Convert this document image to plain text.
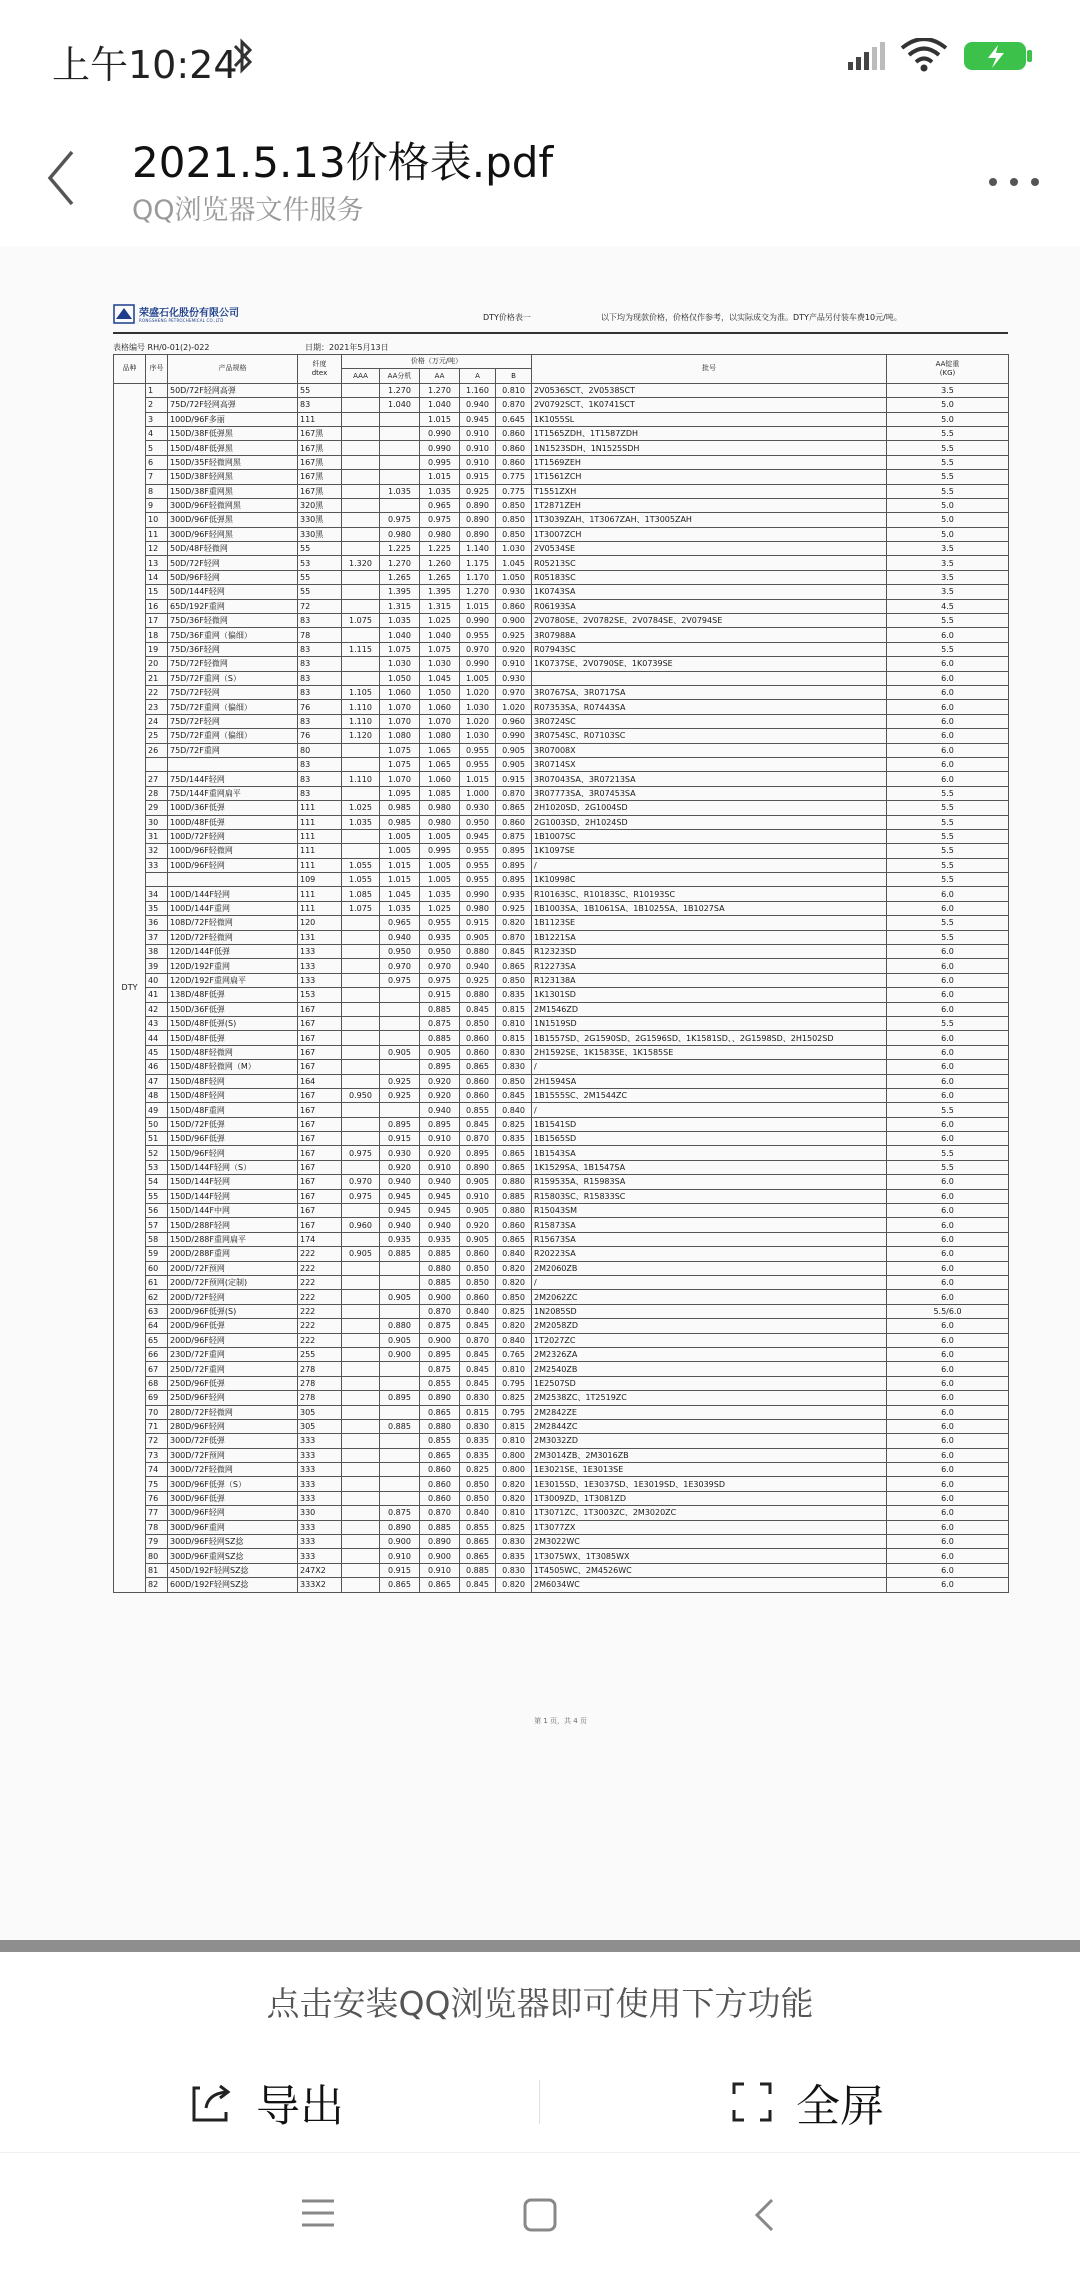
上午10:24
2021.5.13价格表.pdf
QQ浏览器文件服务
荣盛石化股份有限公司
RONGSHENG PETROCHEMICAL CO.,LTD	DTY价格表一	以下均为现款价格，价格仅作参考，以实际成交为准。DTY产品另付装车费10元/吨。
表格编号 RH/0-01(2)-022	日期：2021年5月13日
品种	序号	产品规格	纤度
dtex	价格（万元/吨）					批号	AA锭重
(KG)
				AAA	AA分机	AA	A	B		
DTY	1	50D/72F轻网高弹	55		1.270	1.270	1.160	0.810	2V0536SCT、2V0538SCT	3.5
	2	75D/72F轻网高弹	83		1.040	1.040	0.940	0.870	2V0792SCT、1K0741SCT	5.0
	3	100D/96F多丽	111			1.015	0.945	0.645	1K1055SL	5.0
	4	150D/38F低弹黑	167黑			0.990	0.910	0.860	1T1565ZDH、1T1587ZDH	5.5
	5	150D/48F低弹黑	167黑			0.990	0.910	0.860	1N1523SDH、1N1525SDH	5.5
	6	150D/35F轻微网黑	167黑			0.995	0.910	0.860	1T1569ZEH	5.5
	7	150D/38F轻网黑	167黑			1.015	0.915	0.775	1T1561ZCH	5.5
	8	150D/38F重网黑	167黑		1.035	1.035	0.925	0.775	T1551ZXH	5.5
	9	300D/96F轻微网黑	320黑			0.965	0.890	0.850	1T2871ZEH	5.0
	10	300D/96F低弹黑	330黑		0.975	0.975	0.890	0.850	1T3039ZAH、1T3067ZAH、1T3005ZAH	5.0
	11	300D/96F轻网黑	330黑		0.980	0.980	0.890	0.850	1T3007ZCH	5.0
	12	50D/48F轻微网	55		1.225	1.225	1.140	1.030	2V0534SE	3.5
	13	50D/72F轻网	53	1.320	1.270	1.260	1.175	1.045	R05213SC	3.5
	14	50D/96F轻网	55		1.265	1.265	1.170	1.050	R05183SC	3.5
	15	50D/144F轻网	55		1.395	1.395	1.270	0.930	1K0743SA	3.5
	16	65D/192F重网	72		1.315	1.315	1.015	0.860	R06193SA	4.5
	17	75D/36F轻微网	83	1.075	1.035	1.025	0.990	0.900	2V0780SE、2V0782SE、2V0784SE、2V0794SE	5.5
	18	75D/36F重网（偏细）	78		1.040	1.040	0.955	0.925	3R07988A	6.0
	19	75D/36F轻网	83	1.115	1.075	1.075	0.970	0.920	R07943SC	5.5
	20	75D/72F轻微网	83		1.030	1.030	0.990	0.910	1K0737SE、2V0790SE、1K0739SE	6.0
	21	75D/72F重网（S）	83		1.050	1.045	1.005	0.930		6.0
	22	75D/72F轻网	83	1.105	1.060	1.050	1.020	0.970	3R0767SA、3R0717SA	6.0
	23	75D/72F重网（偏细）	76	1.110	1.070	1.060	1.030	1.020	R07353SA、R07443SA	6.0
	24	75D/72F轻网	83	1.110	1.070	1.070	1.020	0.960	3R0724SC	6.0
	25	75D/72F重网（偏细）	76	1.120	1.080	1.080	1.030	0.990	3R0754SC、R07103SC	6.0
	26	75D/72F重网	80		1.075	1.065	0.955	0.905	3R07008X	6.0
			83		1.075	1.065	0.955	0.905	3R0714SX	6.0
	27	75D/144F轻网	83	1.110	1.070	1.060	1.015	0.915	3R07043SA、3R07213SA	6.0
	28	75D/144F重网扁平	83		1.095	1.085	1.000	0.870	3R07773SA、3R07453SA	5.5
	29	100D/36F低弹	111	1.025	0.985	0.980	0.930	0.865	2H1020SD、2G1004SD	5.5
	30	100D/48F低弹	111	1.035	0.985	0.980	0.950	0.860	2G1003SD、2H1024SD	5.5
	31	100D/72F轻网	111		1.005	1.005	0.945	0.875	1B1007SC	5.5
	32	100D/96F轻微网	111		1.005	0.995	0.955	0.895	1K1097SE	5.5
	33	100D/96F轻网	111	1.055	1.015	1.005	0.955	0.895	/	5.5
			109	1.055	1.015	1.005	0.955	0.895	1K10998C	5.5
	34	100D/144F轻网	111	1.085	1.045	1.035	0.990	0.935	R10163SC、R10183SC、R10193SC	6.0
	35	100D/144F重网	111	1.075	1.035	1.025	0.980	0.925	1B1003SA、1B1061SA、1B1025SA、1B1027SA	6.0
	36	108D/72F轻微网	120		0.965	0.955	0.915	0.820	1B1123SE	5.5
	37	120D/72F轻微网	131		0.940	0.935	0.905	0.870	1B1221SA	5.5
	38	120D/144F低弹	133		0.950	0.950	0.880	0.845	R12323SD	6.0
	39	120D/192F重网	133		0.970	0.970	0.940	0.865	R12273SA	6.0
	40	120D/192F重网扁平	133		0.975	0.975	0.925	0.850	R123138A	6.0
	41	138D/48F低弹	153			0.915	0.880	0.835	1K1301SD	6.0
	42	150D/36F低弹	167			0.885	0.845	0.815	2M1546ZD	6.0
	43	150D/48F低弹(S)	167			0.875	0.850	0.810	1N1519SD	5.5
	44	150D/48F低弹	167			0.885	0.860	0.815	1B1557SD、2G1590SD、2G1596SD、1K1581SD、、2G1598SD、2H1502SD	6.0
	45	150D/48F轻微网	167		0.905	0.905	0.860	0.830	2H1592SE、1K1583SE、1K1585SE	6.0
	46	150D/48F轻微网（M）	167			0.895	0.865	0.830	/	6.0
	47	150D/48F轻网	164		0.925	0.920	0.860	0.850	2H1594SA	6.0
	48	150D/48F轻网	167	0.950	0.925	0.920	0.860	0.845	1B1555SC、2M1544ZC	6.0
	49	150D/48F重网	167			0.940	0.855	0.840	/	5.5
	50	150D/72F低弹	167		0.895	0.895	0.845	0.825	1B1541SD	6.0
	51	150D/96F低弹	167		0.915	0.910	0.870	0.835	1B1565SD	6.0
	52	150D/96F轻网	167	0.975	0.930	0.920	0.895	0.865	1B1543SA	5.5
	53	150D/144F轻网（S）	167		0.920	0.910	0.890	0.865	1K1529SA、1B1547SA	5.5
	54	150D/144F轻网	167	0.970	0.940	0.940	0.905	0.880	R159535A、R15983SA	6.0
	55	150D/144F轻网	167	0.975	0.945	0.945	0.910	0.885	R15803SC、R15833SC	6.0
	56	150D/144F中网	167		0.945	0.945	0.905	0.880	R15043SM	6.0
	57	150D/288F轻网	167	0.960	0.940	0.940	0.920	0.860	R15873SA	6.0
	58	150D/288F重网扁平	174		0.935	0.935	0.905	0.865	R15673SA	6.0
	59	200D/288F重网	222	0.905	0.885	0.885	0.860	0.840	R20223SA	6.0
	60	200D/72F预网	222			0.880	0.850	0.820	2M2060ZB	6.0
	61	200D/72F预网(定制)	222			0.885	0.850	0.820	/	6.0
	62	200D/72F轻网	222		0.905	0.900	0.860	0.850	2M2062ZC	6.0
	63	200D/96F低弹(S)	222			0.870	0.840	0.825	1N2085SD	5.5/6.0
	64	200D/96F低弹	222		0.880	0.875	0.845	0.820	2M2058ZD	6.0
	65	200D/96F轻网	222		0.905	0.900	0.870	0.840	1T2027ZC	6.0
	66	230D/72F重网	255		0.900	0.895	0.845	0.765	2M2326ZA	6.0
	67	250D/72F重网	278			0.875	0.845	0.810	2M2540ZB	6.0
	68	250D/96F低弹	278			0.855	0.845	0.795	1E2507SD	6.0
	69	250D/96F轻网	278		0.895	0.890	0.830	0.825	2M2538ZC、1T2519ZC	6.0
	70	280D/72F轻微网	305			0.865	0.815	0.795	2M2842ZE	6.0
	71	280D/96F轻网	305		0.885	0.880	0.830	0.815	2M2844ZC	6.0
	72	300D/72F低弹	333			0.855	0.835	0.810	2M3032ZD	6.0
	73	300D/72F预网	333			0.865	0.835	0.800	2M3014ZB、2M3016ZB	6.0
	74	300D/72F轻微网	333			0.860	0.825	0.800	1E3021SE、1E3013SE	6.0
	75	300D/96F低弹（S）	333			0.860	0.850	0.820	1E3015SD、1E3037SD、1E3019SD、1E3039SD	6.0
	76	300D/96F低弹	333			0.860	0.850	0.820	1T3009ZD、1T3081ZD	6.0
	77	300D/96F轻网	330		0.875	0.870	0.840	0.810	1T3071ZC、1T3003ZC、2M3020ZC	6.0
	78	300D/96F重网	333		0.890	0.885	0.855	0.825	1T3077ZX	6.0
	79	300D/96F轻网SZ捻	333		0.900	0.890	0.865	0.830	2M3022WC	6.0
	80	300D/96F重网SZ捻	333		0.910	0.900	0.865	0.835	1T3075WX、1T3085WX	6.0
	81	450D/192F轻网SZ捻	247X2		0.915	0.910	0.885	0.830	1T4505WC、2M4526WC	6.0
	82	600D/192F轻网SZ捻	333X2		0.865	0.865	0.845	0.820	2M6034WC	6.0
第 1 页，共 4 页
点击安装QQ浏览器即可使用下方功能
导出	全屏
